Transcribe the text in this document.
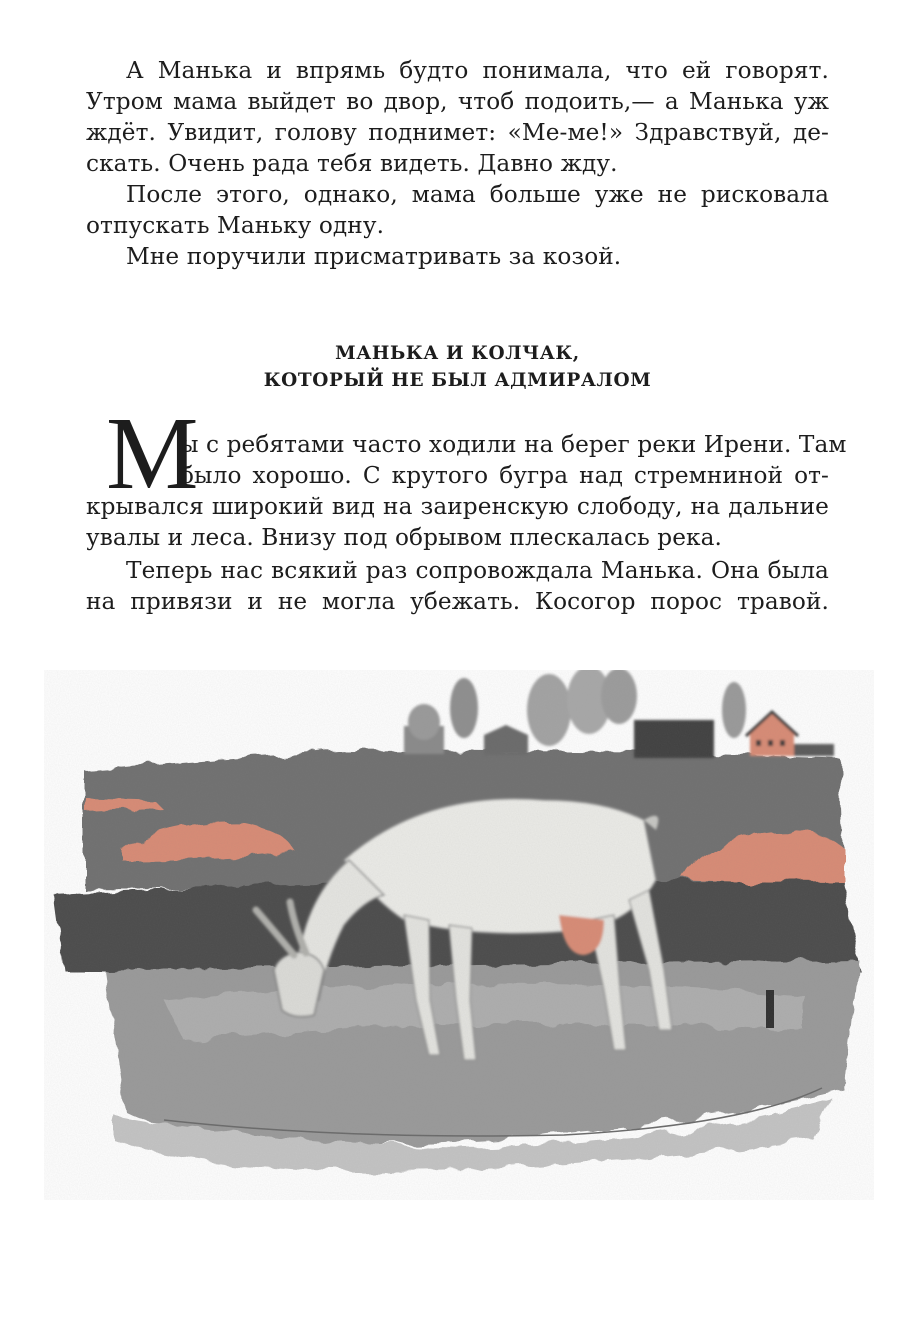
А Манька и впрямь будто понимала, что ей говорят.
Утром мама выйдет во двор, чтоб подоить,— а Манька уж
ждёт. Увидит, голову поднимет: «Ме-ме!» Здравствуй, де-
скать. Очень рада тебя видеть. Давно жду.
После этого, однако, мама больше уже не рисковала
отпускать Маньку одну.
Мне поручили присматривать за козой.
МАНЬКА И КОЛЧАК,
КОТОРЫЙ НЕ БЫЛ АДМИРАЛОМ
М
ы с ребятами часто ходили на берег реки Ирени. Там
было хорошо. С крутого бугра над стремниной от-
крывался широкий вид на заиренскую слободу, на дальние
увалы и леса. Внизу под обрывом плескалась река.
Теперь нас всякий раз сопровождала Манька. Она была
на привязи и не могла убежать. Косогор порос травой.
